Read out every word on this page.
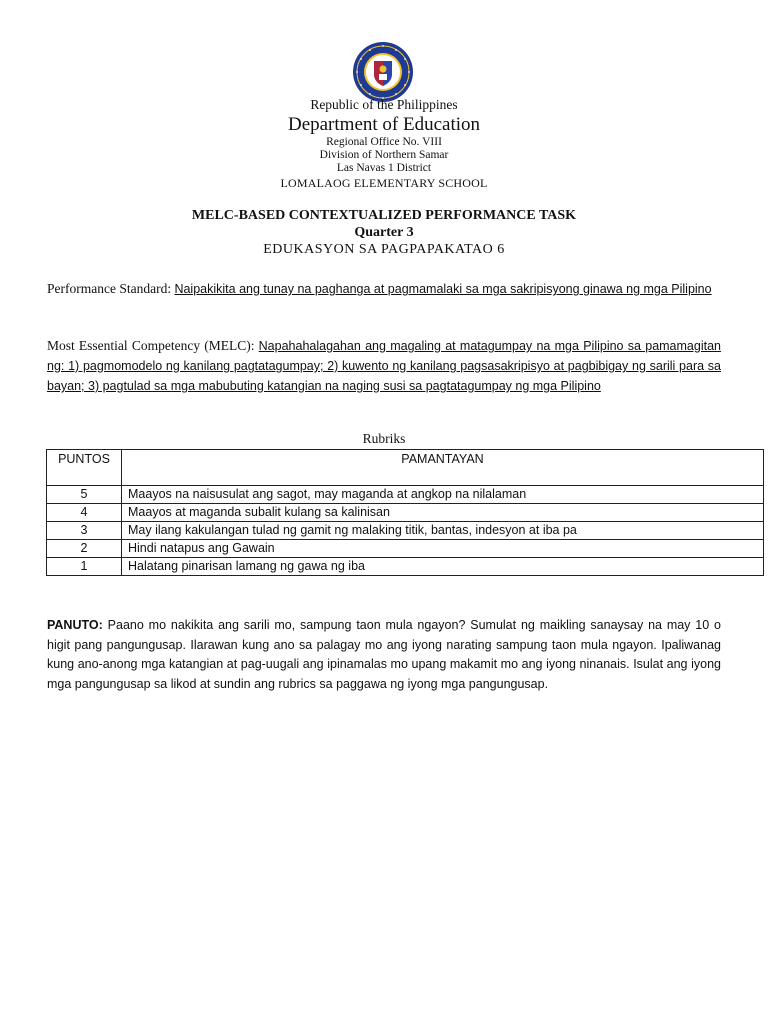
Republic of the Philippines
Department of Education
Regional Office No. VIII
Division of Northern Samar
Las Navas 1 District
LOMALAOG ELEMENTARY SCHOOL
MELC-BASED CONTEXTUALIZED PERFORMANCE TASK
Quarter 3
EDUKASYON SA PAGPAPAKATAO 6
Performance Standard: Naipakikita ang tunay na paghanga at pagmamalaki sa mga sakripisyong ginawa ng mga Pilipino
Most Essential Competency (MELC): Napahahalagahan ang magaling at matagumpay na mga Pilipino sa pamamagitan ng: 1) pagmomodelo ng kanilang pagtatagumpay; 2) kuwento ng kanilang pagsasakripisyo at pagbibigay ng sarili para sa bayan; 3) pagtulad sa mga mabubuting katangian na naging susi sa pagtatagumpay ng mga Pilipino
Rubriks
PUNTOS	PAMANTAYAN
5	Maayos na naisusulat ang sagot, may maganda at angkop na nilalaman
4	Maayos at maganda subalit kulang sa kalinisan
3	May ilang kakulangan tulad ng gamit ng malaking titik, bantas, indesyon at iba pa
2	Hindi natapus ang Gawain
1	Halatang pinarisan lamang ng gawa ng iba
PANUTO: Paano mo nakikita ang sarili mo, sampung taon mula ngayon? Sumulat ng maikling sanaysay na may 10 o higit pang pangungusap. Ilarawan kung ano sa palagay mo ang iyong narating sampung taon mula ngayon. Ipaliwanag kung ano-anong mga katangian at pag-uugali ang ipinamalas mo upang makamit mo ang iyong ninanais. Isulat ang iyong mga pangungusap sa likod at sundin ang rubrics sa paggawa ng iyong mga pangungusap.
